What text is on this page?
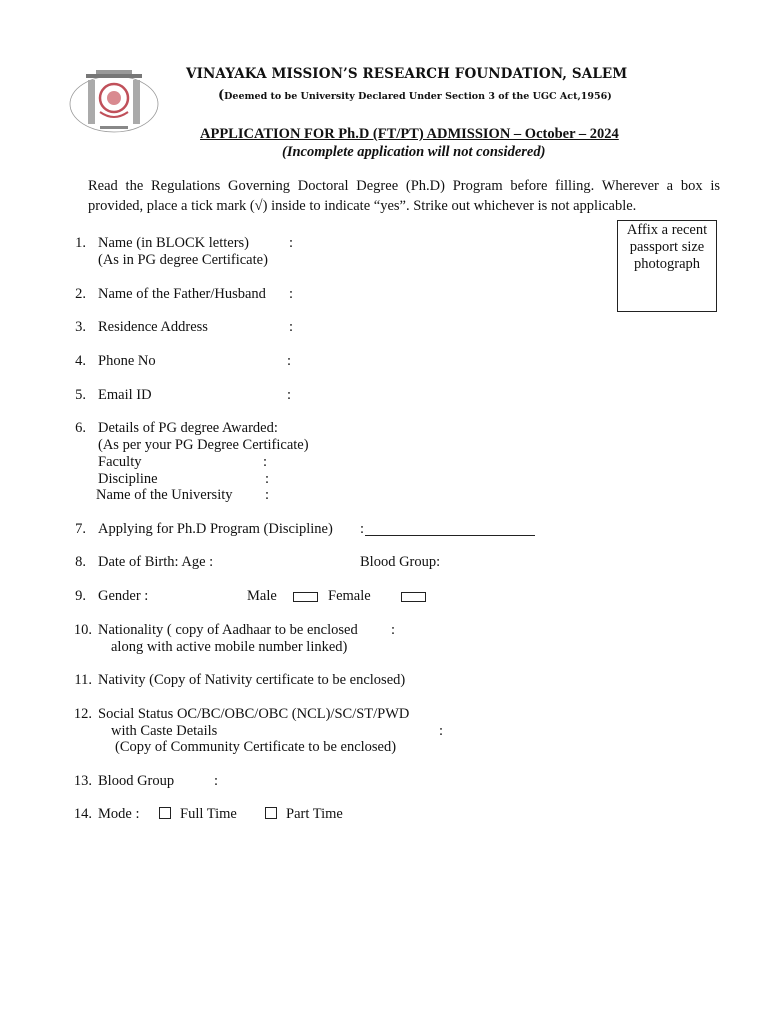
VINAYAKA MISSION’S RESEARCH FOUNDATION, SALEM
(Deemed to be University Declared Under Section 3 of the UGC Act,1956)
APPLICATION FOR Ph.D (FT/PT) ADMISSION – October – 2024
(Incomplete application will not considered)
Read the Regulations Governing Doctoral Degree (Ph.D) Program before filling. Wherever a box is provided, place a tick mark (√) inside to indicate “yes”. Strike out whichever is not applicable.
Affix a recent
passport size
photograph
1. Name (in BLOCK letters)	:
(As in PG degree Certificate)
2. Name of the Father/Husband :
3. Residence Address	:
4. Phone No	:
5. Email ID	:
6. Details of PG degree Awarded:
(As per your PG Degree Certificate)
Faculty	:
Discipline	:
Name of the University :
7. Applying for Ph.D Program (Discipline) :
8. Date of Birth: Age :	Blood Group:
9. Gender :	Male	Female
10. Nationality ( copy of Aadhaar to be enclosed :
along with active mobile number linked)
11. Nativity (Copy of Nativity certificate to be enclosed)
12. Social Status OC/BC/OBC/OBC (NCL)/SC/ST/PWD
with Caste Details	:
(Copy of Community Certificate to be enclosed)
13. Blood Group	:
14. Mode :	Full Time	Part Time
